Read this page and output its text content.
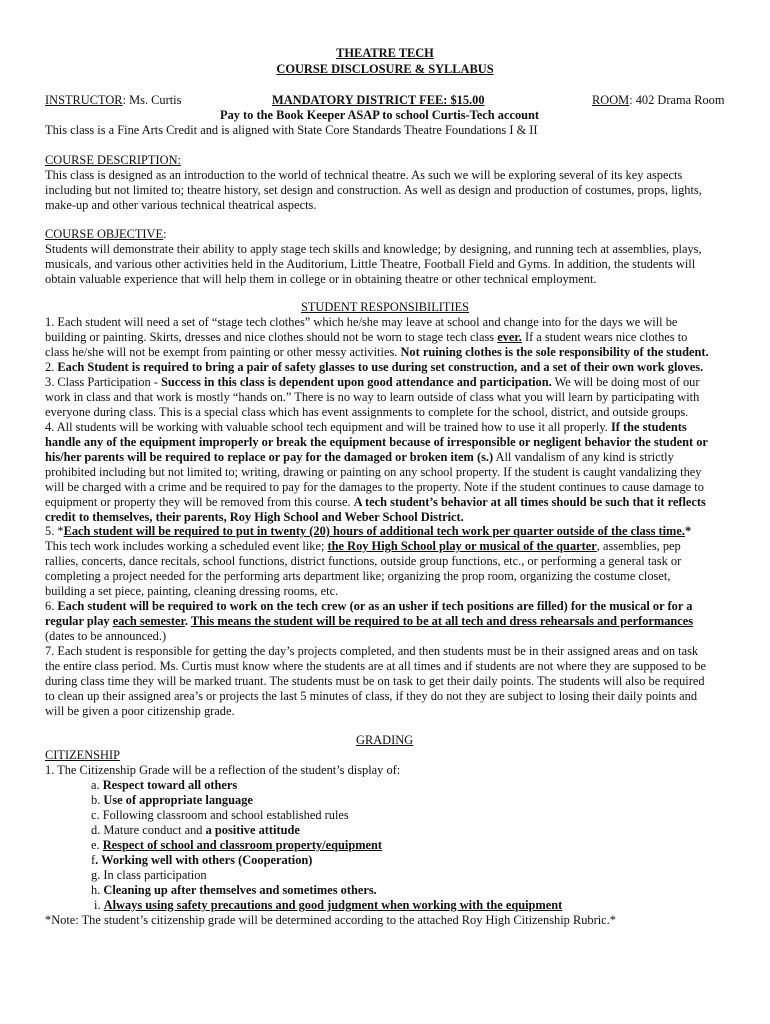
THEATRE TECH
COURSE DISCLOSURE & SYLLABUS
INSTRUCTOR: Ms. Curtis	MANDATORY DISTRICT FEE: $15.00	ROOM: 402 Drama Room
Pay to the Book Keeper ASAP to school Curtis-Tech account
This class is a Fine Arts Credit and is aligned with State Core Standards Theatre Foundations I & II
COURSE DESCRIPTION:
This class is designed as an introduction to the world of technical theatre. As such we will be exploring several of its key aspects
including but not limited to; theatre history, set design and construction. As well as design and production of costumes, props, lights,
make-up and other various technical theatrical aspects.
COURSE OBJECTIVE:
Students will demonstrate their ability to apply stage tech skills and knowledge; by designing, and running tech at assemblies, plays,
musicals, and various other activities held in the Auditorium, Little Theatre, Football Field and Gyms. In addition, the students will
obtain valuable experience that will help them in college or in obtaining theatre or other technical employment.
STUDENT RESPONSIBILITIES
1. Each student will need a set of “stage tech clothes” which he/she may leave at school and change into for the days we will be
building or painting. Skirts, dresses and nice clothes should not be worn to stage tech class ever. If a student wears nice clothes to
class he/she will not be exempt from painting or other messy activities. Not ruining clothes is the sole responsibility of the student.
2. Each Student is required to bring a pair of safety glasses to use during set construction, and a set of their own work gloves.
3. Class Participation - Success in this class is dependent upon good attendance and participation. We will be doing most of our
work in class and that work is mostly “hands on.” There is no way to learn outside of class what you will learn by participating with
everyone during class. This is a special class which has event assignments to complete for the school, district, and outside groups.
4. All students will be working with valuable school tech equipment and will be trained how to use it all properly. If the students
handle any of the equipment improperly or break the equipment because of irresponsible or negligent behavior the student or
his/her parents will be required to replace or pay for the damaged or broken item (s.) All vandalism of any kind is strictly
prohibited including but not limited to; writing, drawing or painting on any school property. If the student is caught vandalizing they
will be charged with a crime and be required to pay for the damages to the property. Note if the student continues to cause damage to
equipment or property they will be removed from this course. A tech student’s behavior at all times should be such that it reflects
credit to themselves, their parents, Roy High School and Weber School District.
5. *Each student will be required to put in twenty (20) hours of additional tech work per quarter outside of the class time.*
This tech work includes working a scheduled event like; the Roy High School play or musical of the quarter, assemblies, pep
rallies, concerts, dance recitals, school functions, district functions, outside group functions, etc., or performing a general task or
completing a project needed for the performing arts department like; organizing the prop room, organizing the costume closet,
building a set piece, painting, cleaning dressing rooms, etc.
6. Each student will be required to work on the tech crew (or as an usher if tech positions are filled) for the musical or for a
regular play each semester. This means the student will be required to be at all tech and dress rehearsals and performances
(dates to be announced.)
7. Each student is responsible for getting the day’s projects completed, and then students must be in their assigned areas and on task
the entire class period. Ms. Curtis must know where the students are at all times and if students are not where they are supposed to be
during class time they will be marked truant. The students must be on task to get their daily points. The students will also be required
to clean up their assigned area’s or projects the last 5 minutes of class, if they do not they are subject to losing their daily points and
will be given a poor citizenship grade.
GRADING
CITIZENSHIP
1. The Citizenship Grade will be a reflection of the student’s display of:
a. Respect toward all others
b. Use of appropriate language
c. Following classroom and school established rules
d. Mature conduct and a positive attitude
e. Respect of school and classroom property/equipment
f. Working well with others (Cooperation)
g. In class participation
h. Cleaning up after themselves and sometimes others.
i. Always using safety precautions and good judgment when working with the equipment
*Note: The student’s citizenship grade will be determined according to the attached Roy High Citizenship Rubric.*
